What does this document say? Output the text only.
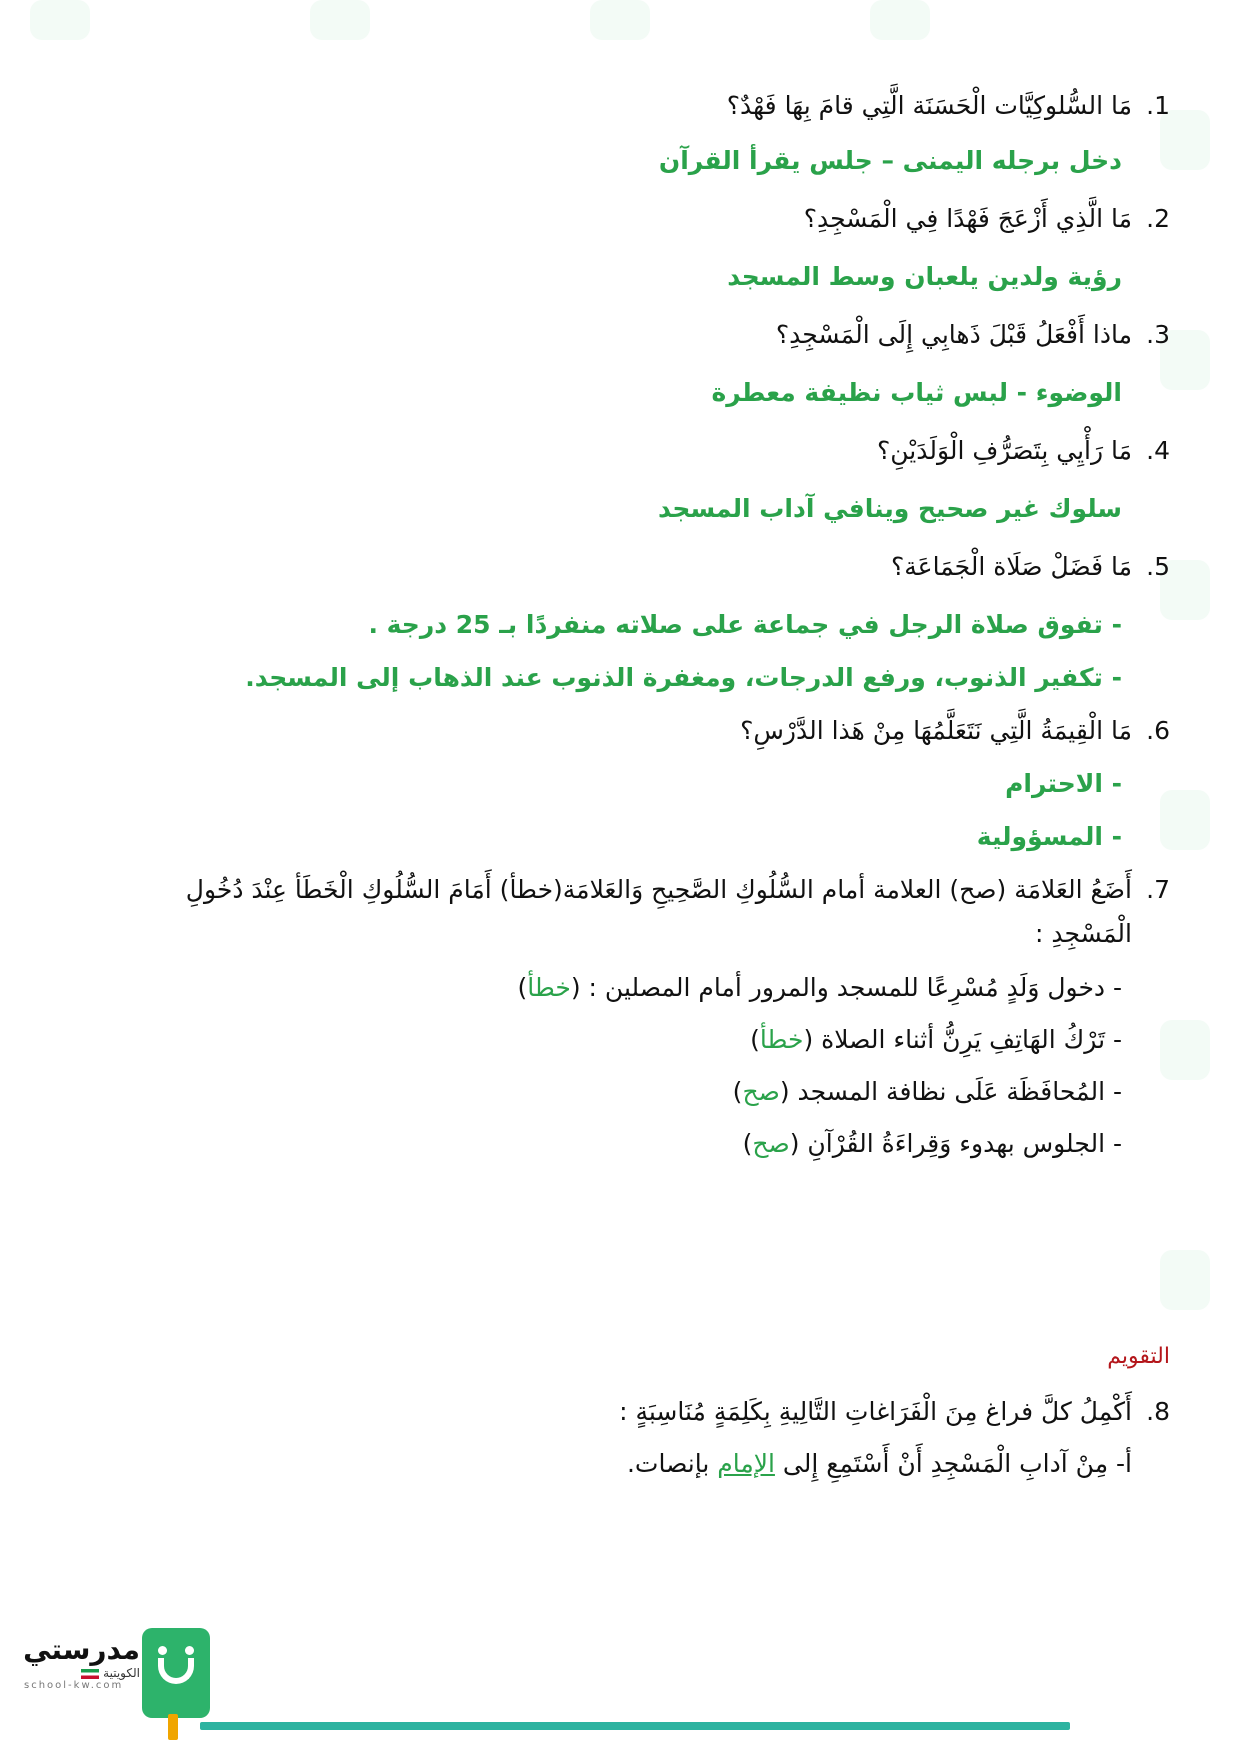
1.
مَا السُّلوكِيَّات الْحَسَنَة الَّتِي قامَ بِهَا فَهْدٌ؟
دخل برجله اليمنى – جلس يقرأ القرآن
2.
مَا الَّذِي أَزْعَجَ فَهْدًا فِي الْمَسْجِدِ؟
رؤية ولدين يلعبان وسط المسجد
3.
ماذا أَفْعَلُ قَبْلَ ذَهابِي إِلَى الْمَسْجِدِ؟
الوضوء - لبس ثياب نظيفة معطرة
4.
مَا رَأْيِي بِتَصَرُّفِ الْوَلَدَيْنِ؟
سلوك غير صحيح وينافي آداب المسجد
5.
مَا فَضَلْ صَلَاة الْجَمَاعَة؟
- تفوق صلاة الرجل في جماعة على صلاته منفردًا بـ 25 درجة .
- تكفير الذنوب، ورفع الدرجات، ومغفرة الذنوب عند الذهاب إلى المسجد.
6.
مَا الْقِيمَةُ الَّتِي نَتَعَلَّمُهَا مِنْ هَذا الدَّرْسِ؟
- الاحترام
- المسؤولية
7.
أَضَعُ العَلامَة (صح) العلامة أمام السُّلُوكِ الصَّحِيحِ وَالعَلامَة(خطأ) أَمَامَ السُّلُوكِ الْخَطَأ عِنْدَ دُخُولِ الْمَسْجِدِ :
- دخول وَلَدٍ مُسْرِعًا للمسجد والمرور أمام المصلين : (خطأ)
- تَرْكُ الهَاتِفِ يَرِنُّ أثناء الصلاة (خطأ)
- المُحافَظَة عَلَى نظافة المسجد (صح)
- الجلوس بهدوء وَقِراءَةُ القُرْآنِ (صح)
التقويم
8.
أَكْمِلُ كلَّ فراغ مِنَ الْفَرَاغاتِ التَّالِيةِ بِكَلِمَةٍ مُنَاسِبَةٍ :
أ- مِنْ آدابِ الْمَسْجِدِ أَنْ أَسْتَمِعِ إِلى الإمام بإنصات.
مدرستي
الكويتية
school-kw.com
